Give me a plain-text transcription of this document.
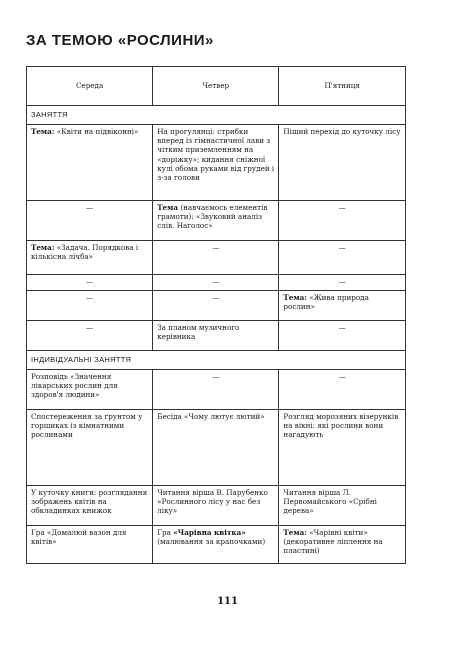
ЗА ТЕМОЮ «РОСЛИНИ»
Середа	Четвер	П'ятниця
ЗАНЯТТЯ		
Тема: «Квіти на підвіконні»	На прогулянці: стрибки вперед із гімнастичної лави з чітким приземленням на «доріжку»; кидання сніжної кулі обома руками від грудей і з-за голови	Піший перехід до куточку лісу
—	Тема (навчаємось елементів грамоти): «Звуковий аналіз слів. Наголос»	—
Тема: «Задача. Порядкова і кількісна лічба»	—	—
—	—	—
—	—	Тема: «Жива природа рослин»
—	За планом музичного керівника	—
ІНДИВІДУАЛЬНІ ЗАНЯТТЯ		
Розповідь «Значення лікарських рослин для здоров'я людини»	—	—
Спостереження за ґрунтом у горщиках із кімнатними рослинами	Бесіда «Чому лютує лютий»	Розгляд морозяних візерунків на вікні: які рослини вони нагадують
У куточку книги: розглядання зображень квітів на обкладинках книжок	Читання вірша В. Парубенко «Рослинного лісу у нас без ліку»	Читання вірша Л. Первомайського «Срібні дерева»
Гра «Домалюй вазон для квітів»	Гра «Чарівна квітка» (малювання за крапочками)	Тема: «Чарівні квіти» (декоративне ліплення на пластині)
111
